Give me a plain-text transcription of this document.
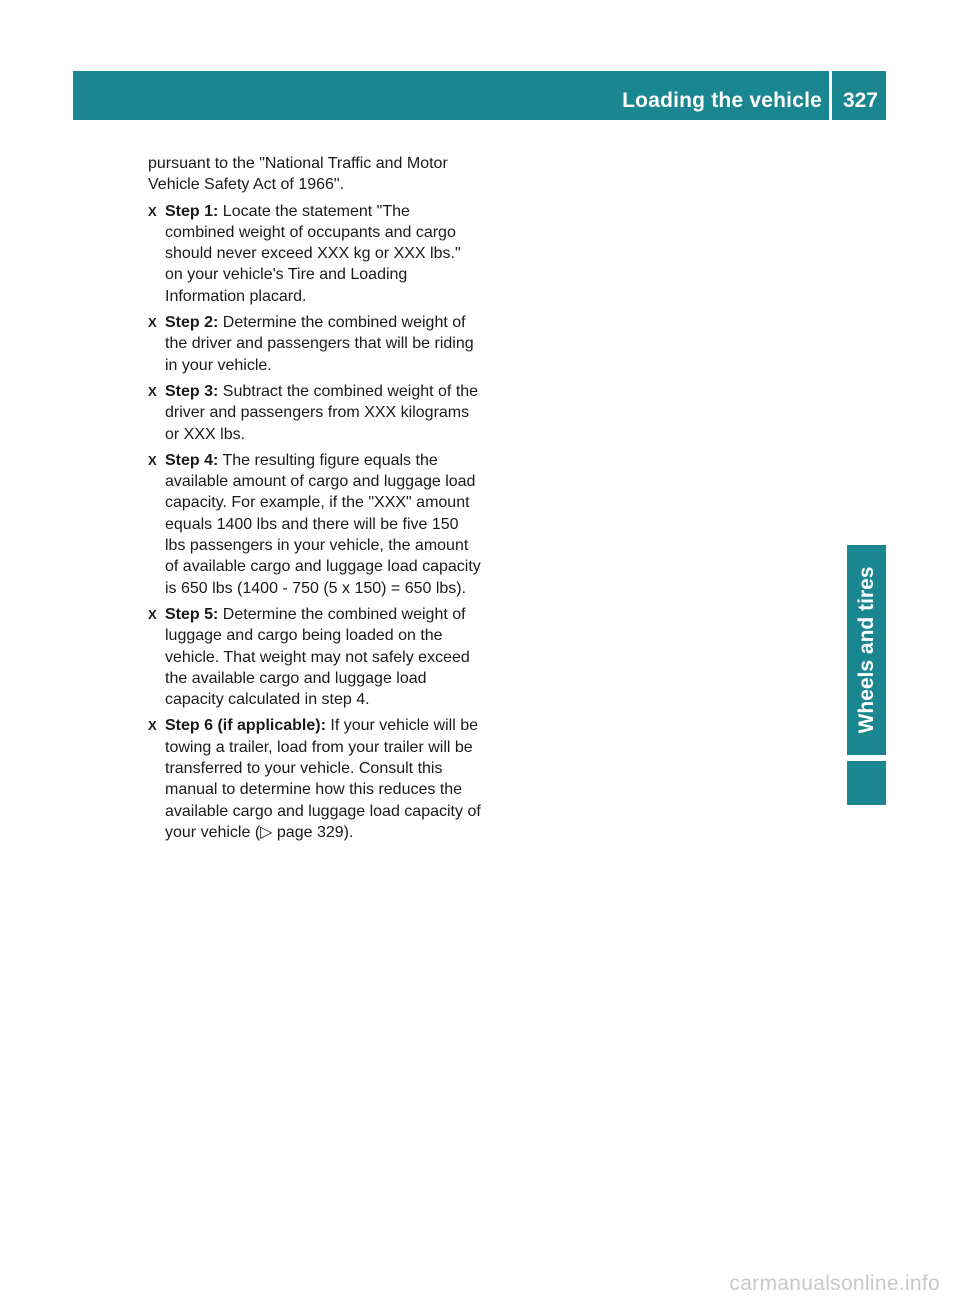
Loading the vehicle 327
Wheels and tires

pursuant to the "National Traffic and Motor Vehicle Safety Act of 1966".

X Step 1: Locate the statement "The combined weight of occupants and cargo should never exceed XXX kg or XXX lbs." on your vehicle's Tire and Loading Information placard.
X Step 2: Determine the combined weight of the driver and passengers that will be riding in your vehicle.
X Step 3: Subtract the combined weight of the driver and passengers from XXX kilograms or XXX lbs.
X Step 4: The resulting figure equals the available amount of cargo and luggage load capacity. For example, if the "XXX" amount equals 1400 lbs and there will be five 150 lbs passengers in your vehicle, the amount of available cargo and luggage load capacity is 650 lbs (1400 - 750 (5 x 150) = 650 lbs).
X Step 5: Determine the combined weight of luggage and cargo being loaded on the vehicle. That weight may not safely exceed the available cargo and luggage load capacity calculated in step 4.
X Step 6 (if applicable): If your vehicle will be towing a trailer, load from your trailer will be transferred to your vehicle. Consult this manual to determine how this reduces the available cargo and luggage load capacity of your vehicle (▷ page 329).
carmanualsonline.info
